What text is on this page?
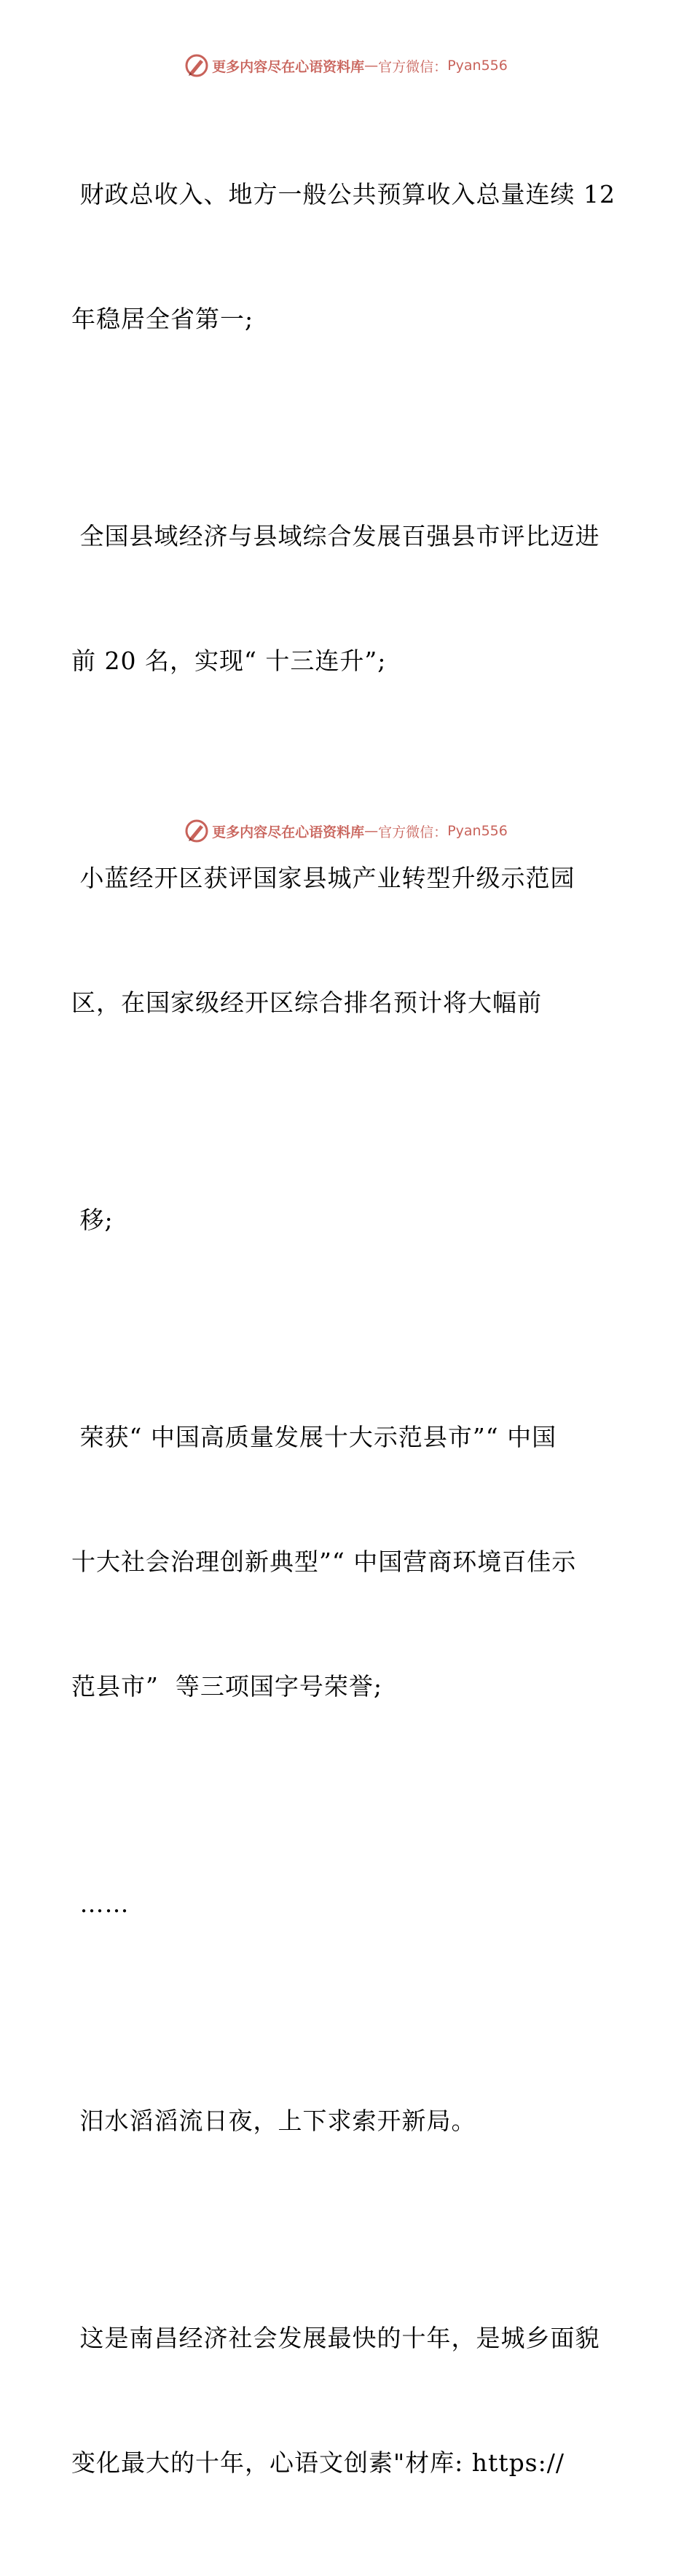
更多内容尽在心语资料库 — 官方微信： Pyan556

财政总收入、地方一般公共预算收入总量连续 12

年稳居全省第一;

全国县域经济与县域综合发展百强县市评比迈进

前 20 名，实现“ 十三连升”;

小蓝经开区获评国家县城产业转型升级示范园

区，在国家级经开区综合排名预计将大幅前

移;

荣获“ 中国高质量发展十大示范县市”“ 中国

十大社会治理创新典型”“ 中国营商环境百佳示

范县市”  等三项国字号荣誉;

……

汨水滔滔流日夜，上下求索开新局。

这是南昌经济社会发展最快的十年，是城乡面貌

变化最大的十年，心语文创素"材库: https://

更多内容尽在心语资料库 — 官方微信： Pyan556
